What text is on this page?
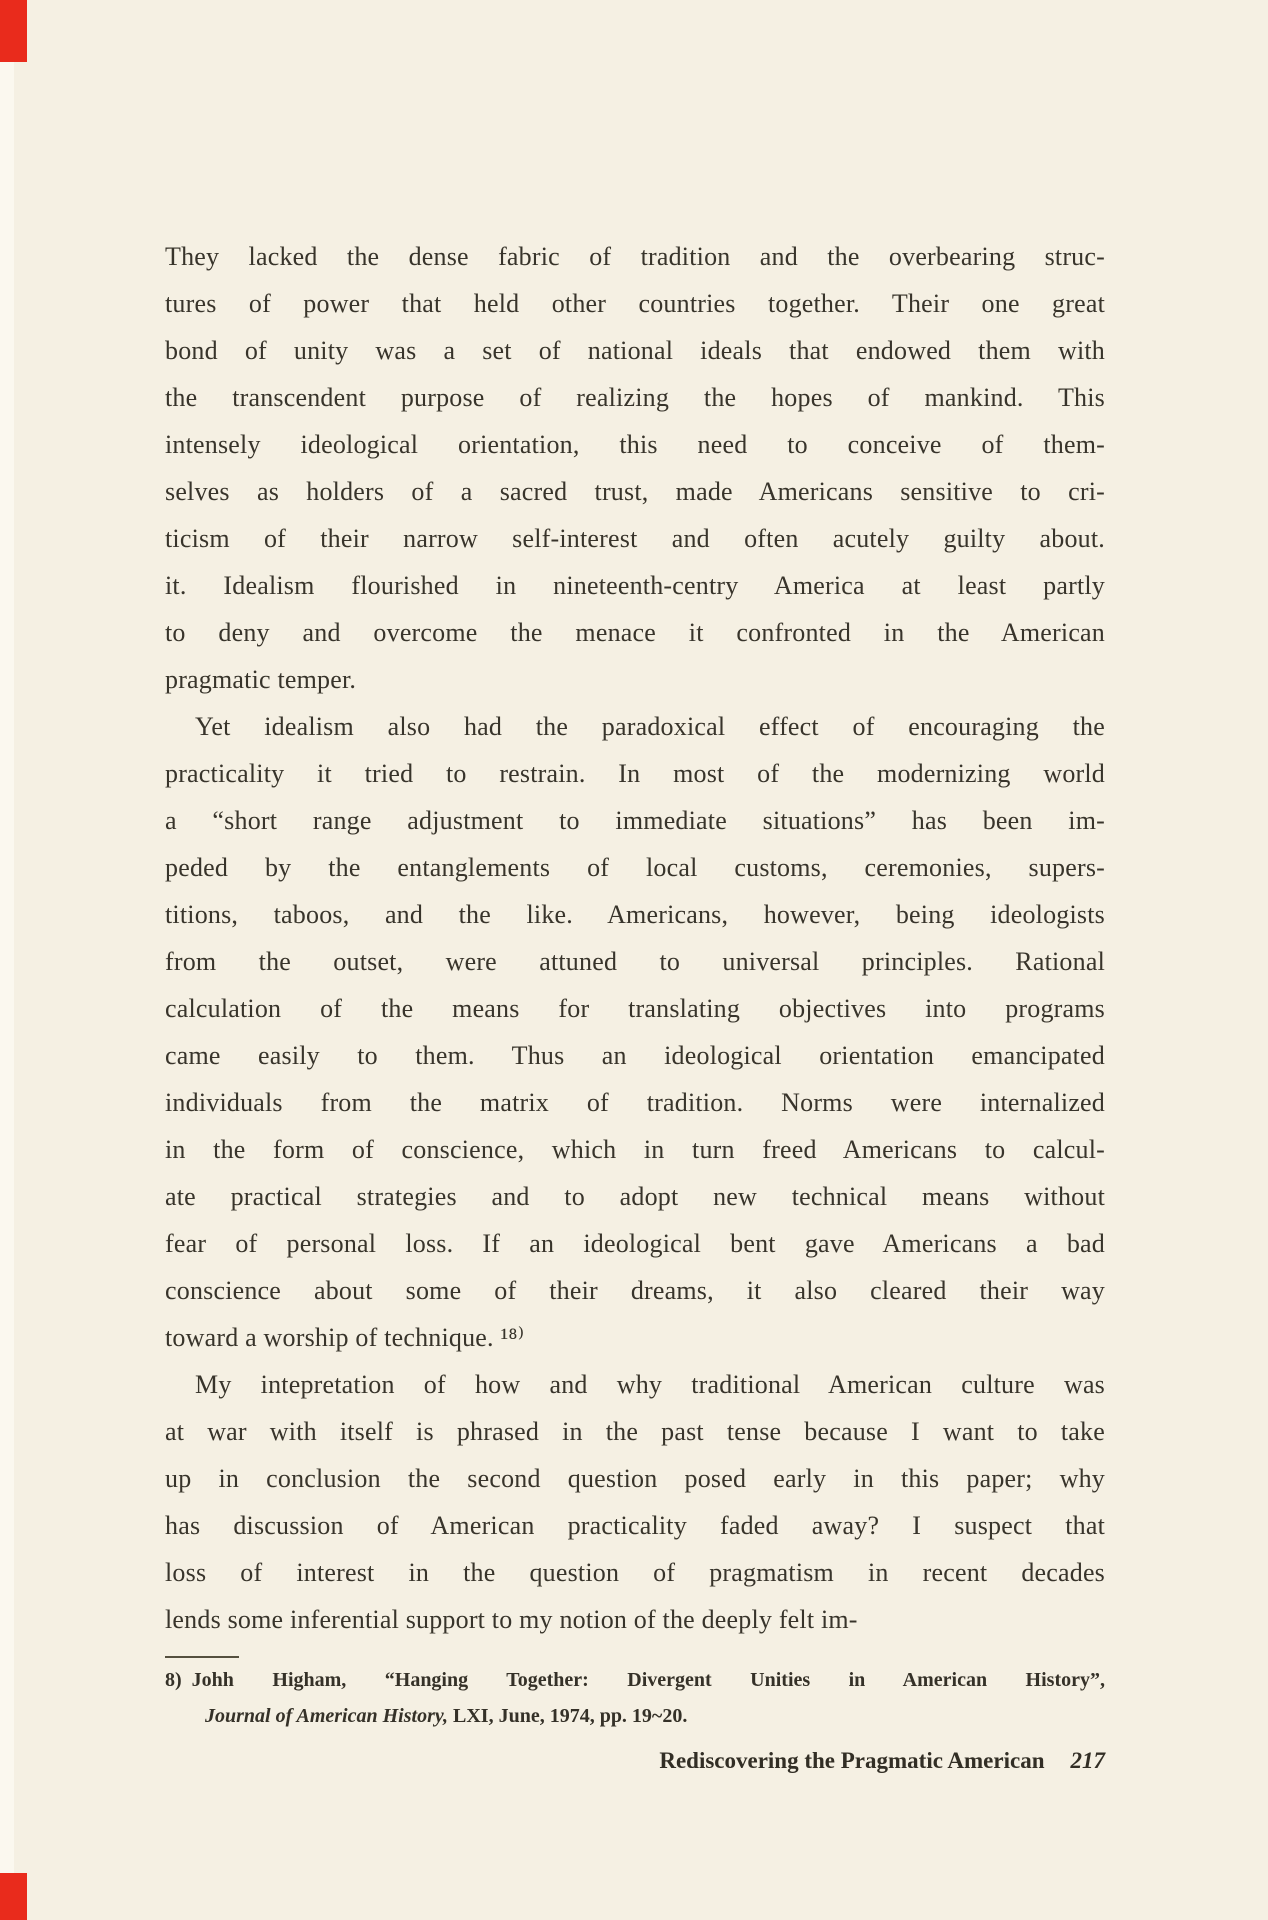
They lacked the dense fabric of tradition and the overbearing struc-
tures of power that held other countries together. Their one great
bond of unity was a set of national ideals that endowed them with
the transcendent purpose of realizing the hopes of mankind. This
intensely ideological orientation, this need to conceive of them-
selves as holders of a sacred trust, made Americans sensitive to cri-
ticism of their narrow self-interest and often acutely guilty about.
it. Idealism flourished in nineteenth-centry America at least partly
to deny and overcome the menace it confronted in the American
pragmatic temper.
Yet idealism also had the paradoxical effect of encouraging the
practicality it tried to restrain. In most of the modernizing world
a “short range adjustment to immediate situations” has been im-
peded by the entanglements of local customs, ceremonies, supers-
titions, taboos, and the like. Americans, however, being ideologists
from the outset, were attuned to universal principles. Rational
calculation of the means for translating objectives into programs
came easily to them. Thus an ideological orientation emancipated
individuals from the matrix of tradition. Norms were internalized
in the form of conscience, which in turn freed Americans to calcul-
ate practical strategies and to adopt new technical means without
fear of personal loss. If an ideological bent gave Americans a bad
conscience about some of their dreams, it also cleared their way
toward a worship of technique. ¹⁸⁾
My intepretation of how and why traditional American culture was
at war with itself is phrased in the past tense because I want to take
up in conclusion the second question posed early in this paper; why
has discussion of American practicality faded away? I suspect that
loss of interest in the question of pragmatism in recent decades
lends some inferential support to my notion of the deeply felt im-
8) Johh Higham, “Hanging Together: Divergent Unities in American History”,
Journal of American History, LXI, June, 1974, pp. 19~20.
Rediscovering the Pragmatic American 217
